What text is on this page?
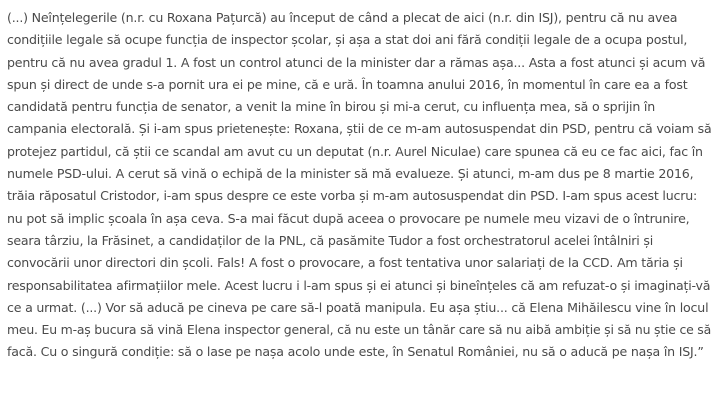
(...) Neînțelegerile (n.r. cu Roxana Pațurcă) au început de când a plecat de aici (n.r. din ISJ), pentru că nu avea
condițiile legale să ocupe funcția de inspector școlar, și așa a stat doi ani fără condiții legale de a ocupa postul,
pentru că nu avea gradul 1. A fost un control atunci de la minister dar a rămas așa... Asta a fost atunci și acum vă
spun și direct de unde s-a pornit ura ei pe mine, că e ură. În toamna anului 2016, în momentul în care ea a fost
candidată pentru funcția de senator, a venit la mine în birou și mi-a cerut, cu influența mea, să o sprijin în
campania electorală. Și i-am spus prietenește: Roxana, știi de ce m-am autosuspendat din PSD, pentru că voiam să
protejez partidul, că știi ce scandal am avut cu un deputat (n.r. Aurel Niculae) care spunea că eu ce fac aici, fac în
numele PSD-ului. A cerut să vină o echipă de la minister să mă evalueze. Și atunci, m-am dus pe 8 martie 2016,
trăia răposatul Cristodor, i-am spus despre ce este vorba și m-am autosuspendat din PSD. I-am spus acest lucru:
nu pot să implic școala în așa ceva. S-a mai făcut după aceea o provocare pe numele meu vizavi de o întrunire,
seara târziu, la Frăsinet, a candidaților de la PNL, că pasămite Tudor a fost orchestratorul acelei întâlniri și
convocării unor directori din școli. Fals! A fost o provocare, a fost tentativa unor salariați de la CCD. Am tăria și
responsabilitatea afirmațiilor mele. Acest lucru i l-am spus și ei atunci și bineînțeles că am refuzat-o și imaginați-vă
ce a urmat. (...) Vor să aducă pe cineva pe care să-l poată manipula. Eu așa știu... că Elena Mihăilescu vine în locul
meu. Eu m-aș bucura să vină Elena inspector general, că nu este un tânăr care să nu aibă ambiție și să nu știe ce să
facă. Cu o singură condiție: să o lase pe nașa acolo unde este, în Senatul României, nu să o aducă pe nașa în ISJ.”
